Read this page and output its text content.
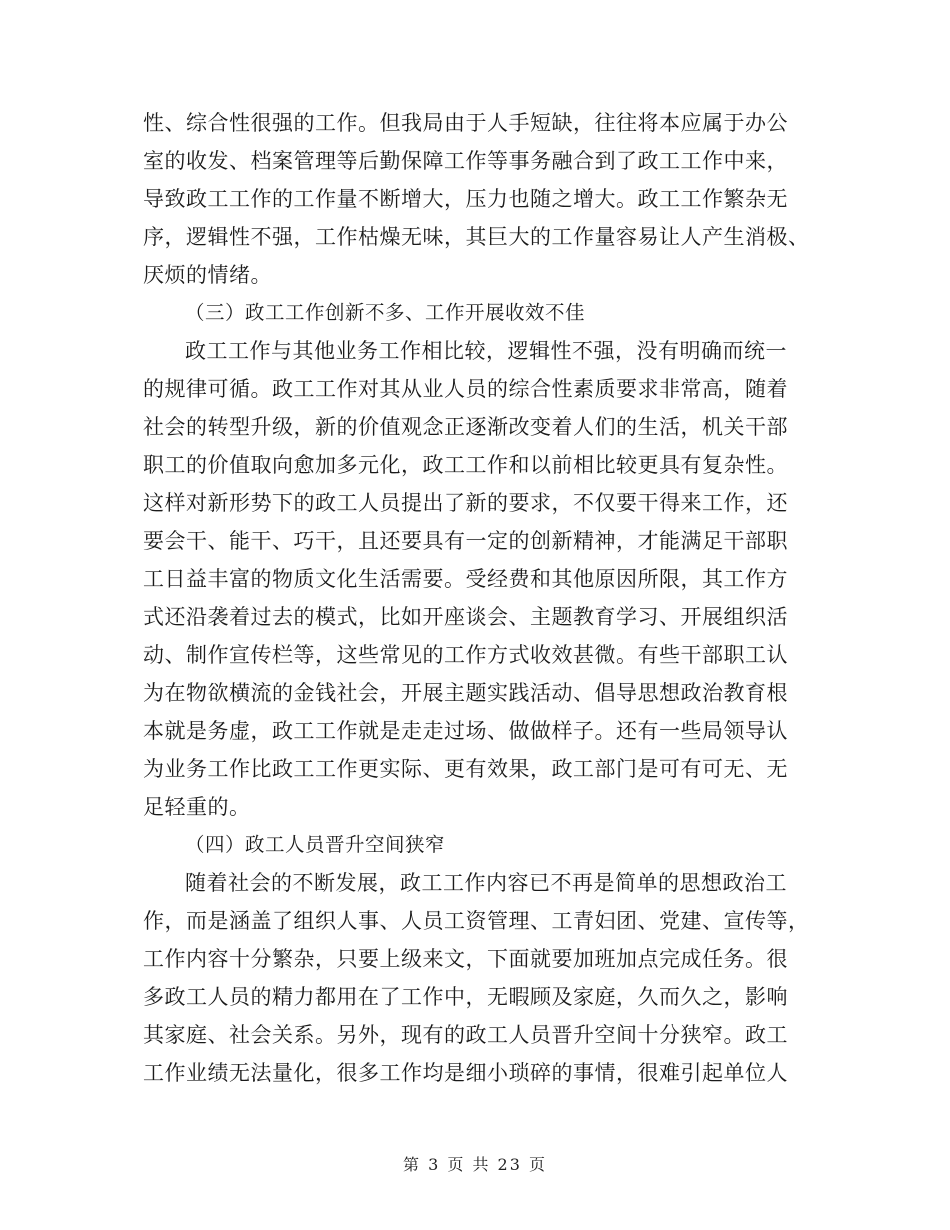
性、综合性很强的工作。但我局由于人手短缺，往往将本应属于办公
室的收发、档案管理等后勤保障工作等事务融合到了政工工作中来，
导致政工工作的工作量不断增大，压力也随之增大。政工工作繁杂无
序，逻辑性不强，工作枯燥无味，其巨大的工作量容易让人产生消极、
厌烦的情绪。
（三）政工工作创新不多、工作开展收效不佳
政工工作与其他业务工作相比较，逻辑性不强，没有明确而统一
的规律可循。政工工作对其从业人员的综合性素质要求非常高，随着
社会的转型升级，新的价值观念正逐渐改变着人们的生活，机关干部
职工的价值取向愈加多元化，政工工作和以前相比较更具有复杂性。
这样对新形势下的政工人员提出了新的要求，不仅要干得来工作，还
要会干、能干、巧干，且还要具有一定的创新精神，才能满足干部职
工日益丰富的物质文化生活需要。受经费和其他原因所限，其工作方
式还沿袭着过去的模式，比如开座谈会、主题教育学习、开展组织活
动、制作宣传栏等，这些常见的工作方式收效甚微。有些干部职工认
为在物欲横流的金钱社会，开展主题实践活动、倡导思想政治教育根
本就是务虚，政工工作就是走走过场、做做样子。还有一些局领导认
为业务工作比政工工作更实际、更有效果，政工部门是可有可无、无
足轻重的。
（四）政工人员晋升空间狭窄
随着社会的不断发展，政工工作内容已不再是简单的思想政治工
作，而是涵盖了组织人事、人员工资管理、工青妇团、党建、宣传等，
工作内容十分繁杂，只要上级来文，下面就要加班加点完成任务。很
多政工人员的精力都用在了工作中，无暇顾及家庭，久而久之，影响
其家庭、社会关系。另外，现有的政工人员晋升空间十分狭窄。政工
工作业绩无法量化，很多工作均是细小琐碎的事情，很难引起单位人
第 3 页 共 23 页
